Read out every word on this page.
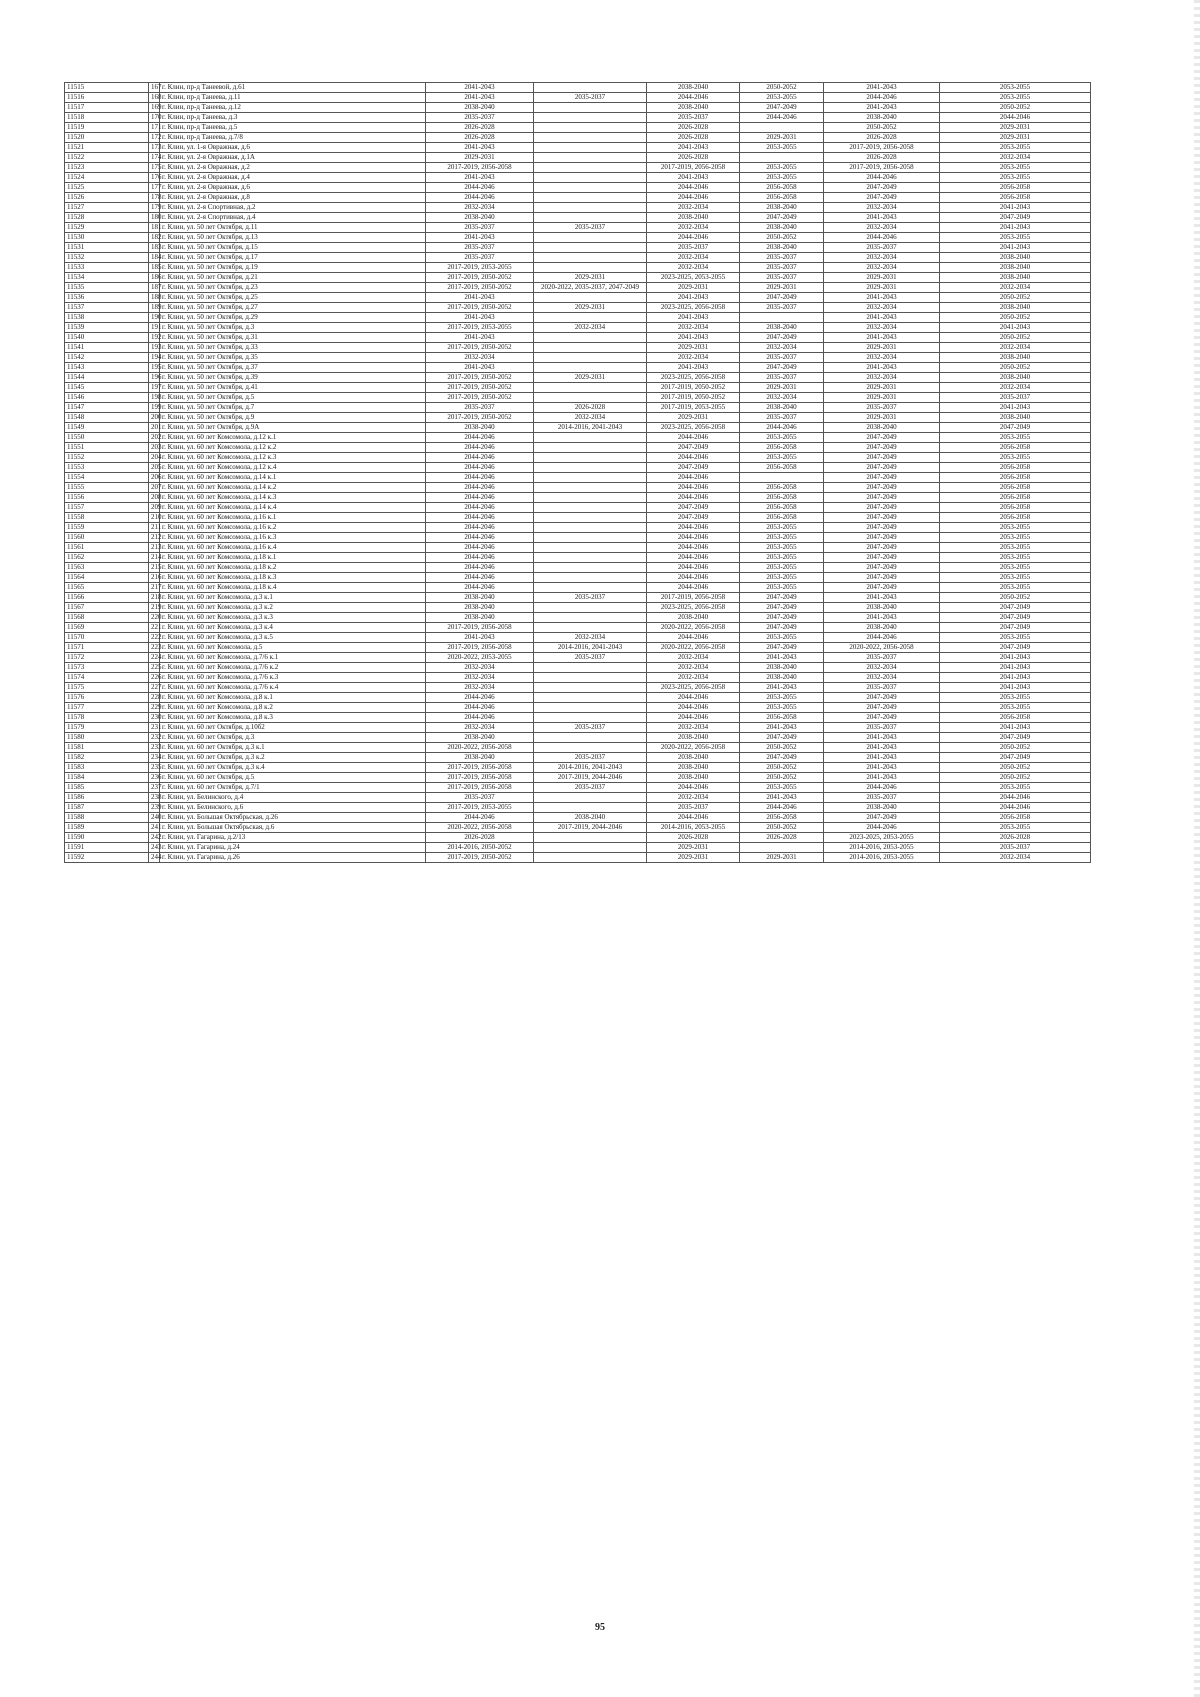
11515	167	г. Клин, пр-д Танеевой, д.61	2041-2043		2038-2040	2050-2052	2041-2043	2053-2055
11516	168	г. Клин, пр-д Танеева, д.11	2041-2043	2035-2037	2044-2046	2053-2055	2044-2046	2053-2055
11517	169	г. Клин, пр-д Танеева, д.12	2038-2040		2038-2040	2047-2049	2041-2043	2050-2052
11518	170	г. Клин, пр-д Танеева, д.3	2035-2037		2035-2037	2044-2046	2038-2040	2044-2046
11519	171	г. Клин, пр-д Танеева, д.5	2026-2028		2026-2028		2050-2052	2029-2031
11520	172	г. Клин, пр-д Танеева, д.7/8	2026-2028		2026-2028	2029-2031	2026-2028	2029-2031
11521	173	г. Клин, ул. 1-я Овражная, д.6	2041-2043		2041-2043	2053-2055	2017-2019, 2056-2058	2053-2055
11522	174	г. Клин, ул. 2-я Овражная, д.1А	2029-2031		2026-2028		2026-2028	2032-2034
11523	175	г. Клин, ул. 2-я Овражная, д.2	2017-2019, 2056-2058		2017-2019, 2056-2058	2053-2055	2017-2019, 2056-2058	2053-2055
11524	176	г. Клин, ул. 2-я Овражная, д.4	2041-2043		2041-2043	2053-2055	2044-2046	2053-2055
11525	177	г. Клин, ул. 2-я Овражная, д.6	2044-2046		2044-2046	2056-2058	2047-2049	2056-2058
11526	178	г. Клин, ул. 2-я Овражная, д.8	2044-2046		2044-2046	2056-2058	2047-2049	2056-2058
11527	179	г. Клин, ул. 2-я Спортивная, д.2	2032-2034		2032-2034	2038-2040	2032-2034	2041-2043
11528	180	г. Клин, ул. 2-я Спортивная, д.4	2038-2040		2038-2040	2047-2049	2041-2043	2047-2049
11529	181	г. Клин, ул. 50 лет Октября, д.11	2035-2037	2035-2037	2032-2034	2038-2040	2032-2034	2041-2043
11530	182	г. Клин, ул. 50 лет Октября, д.13	2041-2043		2044-2046	2050-2052	2044-2046	2053-2055
11531	183	г. Клин, ул. 50 лет Октября, д.15	2035-2037		2035-2037	2038-2040	2035-2037	2041-2043
11532	184	г. Клин, ул. 50 лет Октября, д.17	2035-2037		2032-2034	2035-2037	2032-2034	2038-2040
11533	185	г. Клин, ул. 50 лет Октября, д.19	2017-2019, 2053-2055		2032-2034	2035-2037	2032-2034	2038-2040
11534	186	г. Клин, ул. 50 лет Октября, д.21	2017-2019, 2050-2052	2029-2031	2023-2025, 2053-2055	2035-2037	2029-2031	2038-2040
11535	187	г. Клин, ул. 50 лет Октября, д.23	2017-2019, 2050-2052	2020-2022, 2035-2037, 2047-2049	2029-2031	2029-2031	2029-2031	2032-2034
11536	188	г. Клин, ул. 50 лет Октября, д.25	2041-2043		2041-2043	2047-2049	2041-2043	2050-2052
11537	189	г. Клин, ул. 50 лет Октября, д.27	2017-2019, 2050-2052	2029-2031	2023-2025, 2056-2058	2035-2037	2032-2034	2038-2040
11538	190	г. Клин, ул. 50 лет Октября, д.29	2041-2043		2041-2043		2041-2043	2050-2052
11539	191	г. Клин, ул. 50 лет Октября, д.3	2017-2019, 2053-2055	2032-2034	2032-2034	2038-2040	2032-2034	2041-2043
11540	192	г. Клин, ул. 50 лет Октября, д.31	2041-2043		2041-2043	2047-2049	2041-2043	2050-2052
11541	193	г. Клин, ул. 50 лет Октября, д.33	2017-2019, 2050-2052		2029-2031	2032-2034	2029-2031	2032-2034
11542	194	г. Клин, ул. 50 лет Октября, д.35	2032-2034		2032-2034	2035-2037	2032-2034	2038-2040
11543	195	г. Клин, ул. 50 лет Октября, д.37	2041-2043		2041-2043	2047-2049	2041-2043	2050-2052
11544	196	г. Клин, ул. 50 лет Октября, д.39	2017-2019, 2050-2052	2029-2031	2023-2025, 2056-2058	2035-2037	2032-2034	2038-2040
11545	197	г. Клин, ул. 50 лет Октября, д.41	2017-2019, 2050-2052		2017-2019, 2050-2052	2029-2031	2029-2031	2032-2034
11546	198	г. Клин, ул. 50 лет Октября, д.5	2017-2019, 2050-2052		2017-2019, 2050-2052	2032-2034	2029-2031	2035-2037
11547	199	г. Клин, ул. 50 лет Октября, д.7	2035-2037	2026-2028	2017-2019, 2053-2055	2038-2040	2035-2037	2041-2043
11548	200	г. Клин, ул. 50 лет Октября, д.9	2017-2019, 2050-2052	2032-2034	2029-2031	2035-2037	2029-2031	2038-2040
11549	201	г. Клин, ул. 50 лет Октября, д.9А	2038-2040	2014-2016, 2041-2043	2023-2025, 2056-2058	2044-2046	2038-2040	2047-2049
11550	202	г. Клин, ул. 60 лет Комсомола, д.12 к.1	2044-2046		2044-2046	2053-2055	2047-2049	2053-2055
11551	203	г. Клин, ул. 60 лет Комсомола, д.12 к.2	2044-2046		2047-2049	2056-2058	2047-2049	2056-2058
11552	204	г. Клин, ул. 60 лет Комсомола, д.12 к.3	2044-2046		2044-2046	2053-2055	2047-2049	2053-2055
11553	205	г. Клин, ул. 60 лет Комсомола, д.12 к.4	2044-2046		2047-2049	2056-2058	2047-2049	2056-2058
11554	206	г. Клин, ул. 60 лет Комсомола, д.14 к.1	2044-2046		2044-2046		2047-2049	2056-2058
11555	207	г. Клин, ул. 60 лет Комсомола, д.14 к.2	2044-2046		2044-2046	2056-2058	2047-2049	2056-2058
11556	208	г. Клин, ул. 60 лет Комсомола, д.14 к.3	2044-2046		2044-2046	2056-2058	2047-2049	2056-2058
11557	209	г. Клин, ул. 60 лет Комсомола, д.14 к.4	2044-2046		2047-2049	2056-2058	2047-2049	2056-2058
11558	210	г. Клин, ул. 60 лет Комсомола, д.16 к.1	2044-2046		2047-2049	2056-2058	2047-2049	2056-2058
11559	211	г. Клин, ул. 60 лет Комсомола, д.16 к.2	2044-2046		2044-2046	2053-2055	2047-2049	2053-2055
11560	212	г. Клин, ул. 60 лет Комсомола, д.16 к.3	2044-2046		2044-2046	2053-2055	2047-2049	2053-2055
11561	213	г. Клин, ул. 60 лет Комсомола, д.16 к.4	2044-2046		2044-2046	2053-2055	2047-2049	2053-2055
11562	214	г. Клин, ул. 60 лет Комсомола, д.18 к.1	2044-2046		2044-2046	2053-2055	2047-2049	2053-2055
11563	215	г. Клин, ул. 60 лет Комсомола, д.18 к.2	2044-2046		2044-2046	2053-2055	2047-2049	2053-2055
11564	216	г. Клин, ул. 60 лет Комсомола, д.18 к.3	2044-2046		2044-2046	2053-2055	2047-2049	2053-2055
11565	217	г. Клин, ул. 60 лет Комсомола, д.18 к.4	2044-2046		2044-2046	2053-2055	2047-2049	2053-2055
11566	218	г. Клин, ул. 60 лет Комсомола, д.3 к.1	2038-2040	2035-2037	2017-2019, 2056-2058	2047-2049	2041-2043	2050-2052
11567	219	г. Клин, ул. 60 лет Комсомола, д.3 к.2	2038-2040		2023-2025, 2056-2058	2047-2049	2038-2040	2047-2049
11568	220	г. Клин, ул. 60 лет Комсомола, д.3 к.3	2038-2040		2038-2040	2047-2049	2041-2043	2047-2049
11569	221	г. Клин, ул. 60 лет Комсомола, д.3 к.4	2017-2019, 2056-2058		2020-2022, 2056-2058	2047-2049	2038-2040	2047-2049
11570	222	г. Клин, ул. 60 лет Комсомола, д.3 к.5	2041-2043	2032-2034	2044-2046	2053-2055	2044-2046	2053-2055
11571	223	г. Клин, ул. 60 лет Комсомола, д.5	2017-2019, 2056-2058	2014-2016, 2041-2043	2020-2022, 2056-2058	2047-2049	2020-2022, 2056-2058	2047-2049
11572	224	г. Клин, ул. 60 лет Комсомола, д.7/6 к.1	2020-2022, 2053-2055	2035-2037	2032-2034	2041-2043	2035-2037	2041-2043
11573	225	г. Клин, ул. 60 лет Комсомола, д.7/6 к.2	2032-2034		2032-2034	2038-2040	2032-2034	2041-2043
11574	226	г. Клин, ул. 60 лет Комсомола, д.7/6 к.3	2032-2034		2032-2034	2038-2040	2032-2034	2041-2043
11575	227	г. Клин, ул. 60 лет Комсомола, д.7/6 к.4	2032-2034		2023-2025, 2056-2058	2041-2043	2035-2037	2041-2043
11576	228	г. Клин, ул. 60 лет Комсомола, д.8 к.1	2044-2046		2044-2046	2053-2055	2047-2049	2053-2055
11577	229	г. Клин, ул. 60 лет Комсомола, д.8 к.2	2044-2046		2044-2046	2053-2055	2047-2049	2053-2055
11578	230	г. Клин, ул. 60 лет Комсомола, д.8 к.3	2044-2046		2044-2046	2056-2058	2047-2049	2056-2058
11579	231	г. Клин, ул. 60 лет Октября, д.10б2	2032-2034	2035-2037	2032-2034	2041-2043	2035-2037	2041-2043
11580	232	г. Клин, ул. 60 лет Октября, д.3	2038-2040		2038-2040	2047-2049	2041-2043	2047-2049
11581	233	г. Клин, ул. 60 лет Октября, д.3 к.1	2020-2022, 2056-2058		2020-2022, 2056-2058	2050-2052	2041-2043	2050-2052
11582	234	г. Клин, ул. 60 лет Октября, д.3 к.2	2038-2040	2035-2037	2038-2040	2047-2049	2041-2043	2047-2049
11583	235	г. Клин, ул. 60 лет Октября, д.3 к.4	2017-2019, 2056-2058	2014-2016, 2041-2043	2038-2040	2050-2052	2041-2043	2050-2052
11584	236	г. Клин, ул. 60 лет Октября, д.5	2017-2019, 2056-2058	2017-2019, 2044-2046	2038-2040	2050-2052	2041-2043	2050-2052
11585	237	г. Клин, ул. 60 лет Октября, д.7/1	2017-2019, 2056-2058	2035-2037	2044-2046	2053-2055	2044-2046	2053-2055
11586	238	г. Клин, ул. Белинского, д.4	2035-2037		2032-2034	2041-2043	2035-2037	2044-2046
11587	239	г. Клин, ул. Белинского, д.6	2017-2019, 2053-2055		2035-2037	2044-2046	2038-2040	2044-2046
11588	240	г. Клин, ул. Большая Октябрьская, д.26	2044-2046	2038-2040	2044-2046	2056-2058	2047-2049	2056-2058
11589	241	г. Клин, ул. Большая Октябрьская, д.6	2020-2022, 2056-2058	2017-2019, 2044-2046	2014-2016, 2053-2055	2050-2052	2044-2046	2053-2055
11590	242	г. Клин, ул. Гагарина, д.2/13	2026-2028		2026-2028	2026-2028	2023-2025, 2053-2055	2026-2028
11591	243	г. Клин, ул. Гагарина, д.24	2014-2016, 2050-2052		2029-2031		2014-2016, 2053-2055	2035-2037
11592	244	г. Клин, ул. Гагарина, д.26	2017-2019, 2050-2052		2029-2031	2029-2031	2014-2016, 2053-2055	2032-2034
95
